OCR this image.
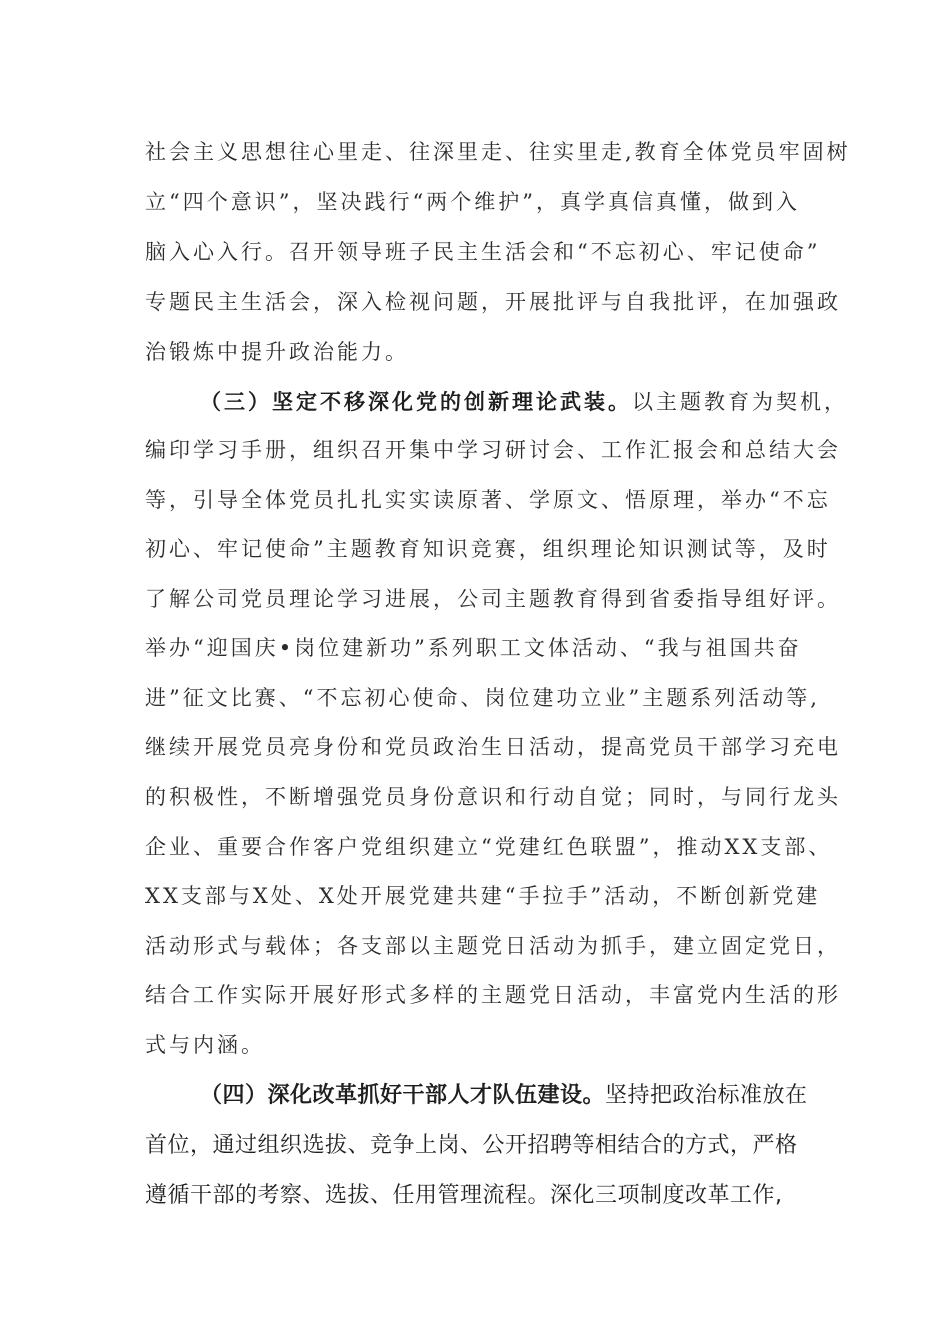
社会主义思想往心里走、往深里走、往实里走,教育全体党员牢固树
立“四个意识”，坚决践行“两个维护”，真学真信真懂，做到入
脑入心入行。召开领导班子民主生活会和“不忘初心、牢记使命”
专题民主生活会，深入检视问题，开展批评与自我批评，在加强政
治锻炼中提升政治能力。
（三）坚定不移深化党的创新理论武装。以主题教育为契机，
编印学习手册，组织召开集中学习研讨会、工作汇报会和总结大会
等，引导全体党员扎扎实实读原著、学原文、悟原理，举办“不忘
初心、牢记使命”主题教育知识竞赛，组织理论知识测试等，及时
了解公司党员理论学习进展，公司主题教育得到省委指导组好评。
举办“迎国庆•岗位建新功”系列职工文体活动、“我与祖国共奋
进”征文比赛、“不忘初心使命、岗位建功立业”主题系列活动等,
继续开展党员亮身份和党员政治生日活动，提高党员干部学习充电
的积极性，不断增强党员身份意识和行动自觉；同时，与同行龙头
企业、重要合作客户党组织建立“党建红色联盟”，推动XX支部、
XX支部与X处、X处开展党建共建“手拉手”活动，不断创新党建
活动形式与载体；各支部以主题党日活动为抓手，建立固定党日，
结合工作实际开展好形式多样的主题党日活动，丰富党内生活的形
式与内涵。
（四）深化改革抓好干部人才队伍建设。坚持把政治标准放在
首位，通过组织选拔、竞争上岗、公开招聘等相结合的方式，严格
遵循干部的考察、选拔、任用管理流程。深化三项制度改革工作,
